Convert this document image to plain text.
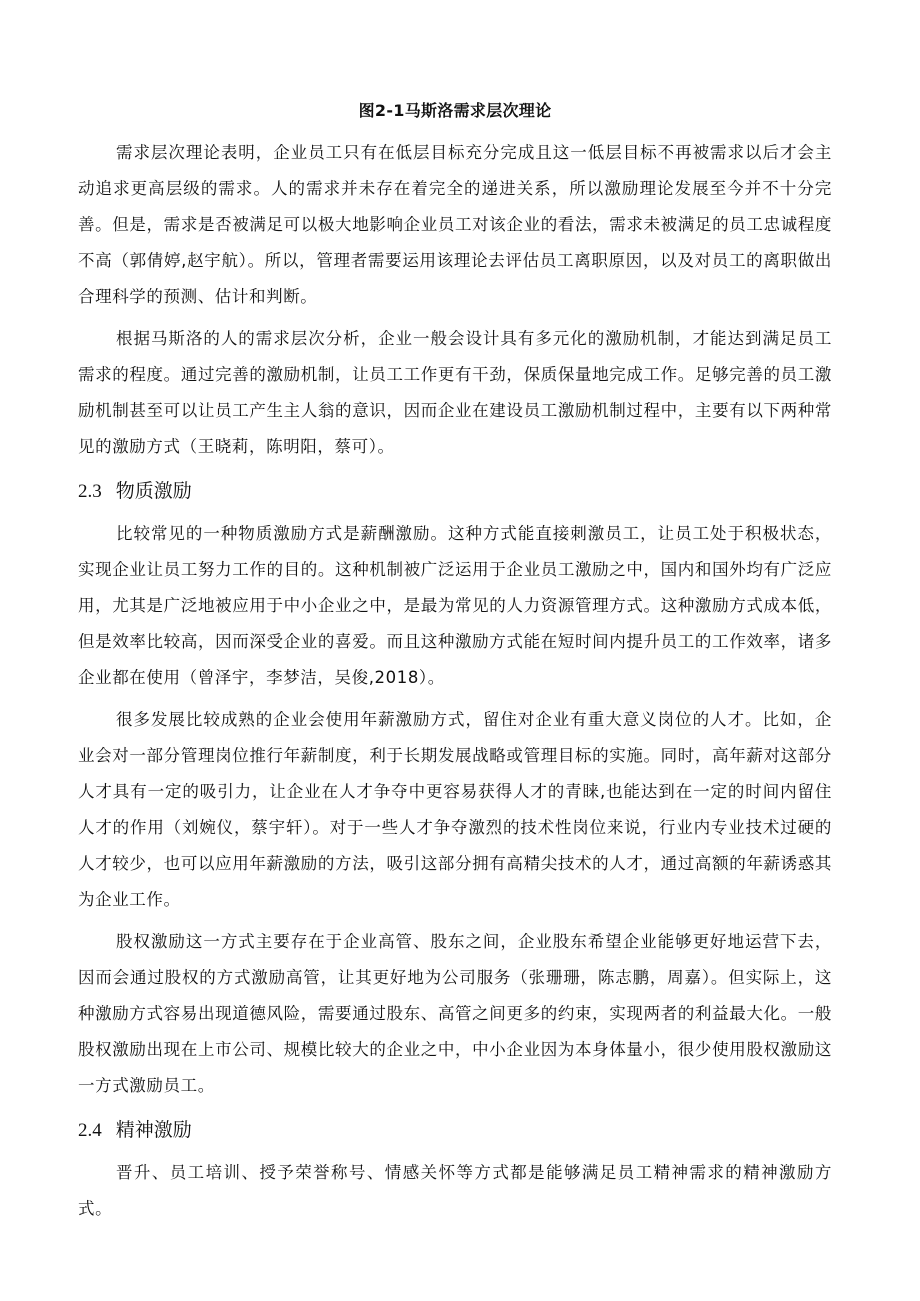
图2-1马斯洛需求层次理论

需求层次理论表明，企业员工只有在低层目标充分完成且这一低层目标不再被需求以后才会主动追求更高层级的需求。人的需求并未存在着完全的递进关系，所以激励理论发展至今并不十分完善。但是，需求是否被满足可以极大地影响企业员工对该企业的看法，需求未被满足的员工忠诚程度不高（郭倩婷,赵宇航）。所以，管理者需要运用该理论去评估员工离职原因，以及对员工的离职做出合理科学的预测、估计和判断。

根据马斯洛的人的需求层次分析，企业一般会设计具有多元化的激励机制，才能达到满足员工需求的程度。通过完善的激励机制，让员工工作更有干劲，保质保量地完成工作。足够完善的员工激励机制甚至可以让员工产生主人翁的意识，因而企业在建设员工激励机制过程中，主要有以下两种常见的激励方式（王晓莉，陈明阳，蔡可）。

2.3 物质激励

比较常见的一种物质激励方式是薪酬激励。这种方式能直接刺激员工，让员工处于积极状态，实现企业让员工努力工作的目的。这种机制被广泛运用于企业员工激励之中，国内和国外均有广泛应用，尤其是广泛地被应用于中小企业之中，是最为常见的人力资源管理方式。这种激励方式成本低，但是效率比较高，因而深受企业的喜爱。而且这种激励方式能在短时间内提升员工的工作效率，诸多企业都在使用（曾泽宇，李梦洁，吴俊,2018）。

很多发展比较成熟的企业会使用年薪激励方式，留住对企业有重大意义岗位的人才。比如，企业会对一部分管理岗位推行年薪制度，利于长期发展战略或管理目标的实施。同时，高年薪对这部分人才具有一定的吸引力，让企业在人才争夺中更容易获得人才的青睐,也能达到在一定的时间内留住人才的作用（刘婉仪，蔡宇轩）。对于一些人才争夺激烈的技术性岗位来说，行业内专业技术过硬的人才较少，也可以应用年薪激励的方法，吸引这部分拥有高精尖技术的人才，通过高额的年薪诱惑其为企业工作。

股权激励这一方式主要存在于企业高管、股东之间，企业股东希望企业能够更好地运营下去，因而会通过股权的方式激励高管，让其更好地为公司服务（张珊珊，陈志鹏，周嘉）。但实际上，这种激励方式容易出现道德风险，需要通过股东、高管之间更多的约束，实现两者的利益最大化。一般股权激励出现在上市公司、规模比较大的企业之中，中小企业因为本身体量小，很少使用股权激励这一方式激励员工。

2.4 精神激励

晋升、员工培训、授予荣誉称号、情感关怀等方式都是能够满足员工精神需求的精神激励方式。
